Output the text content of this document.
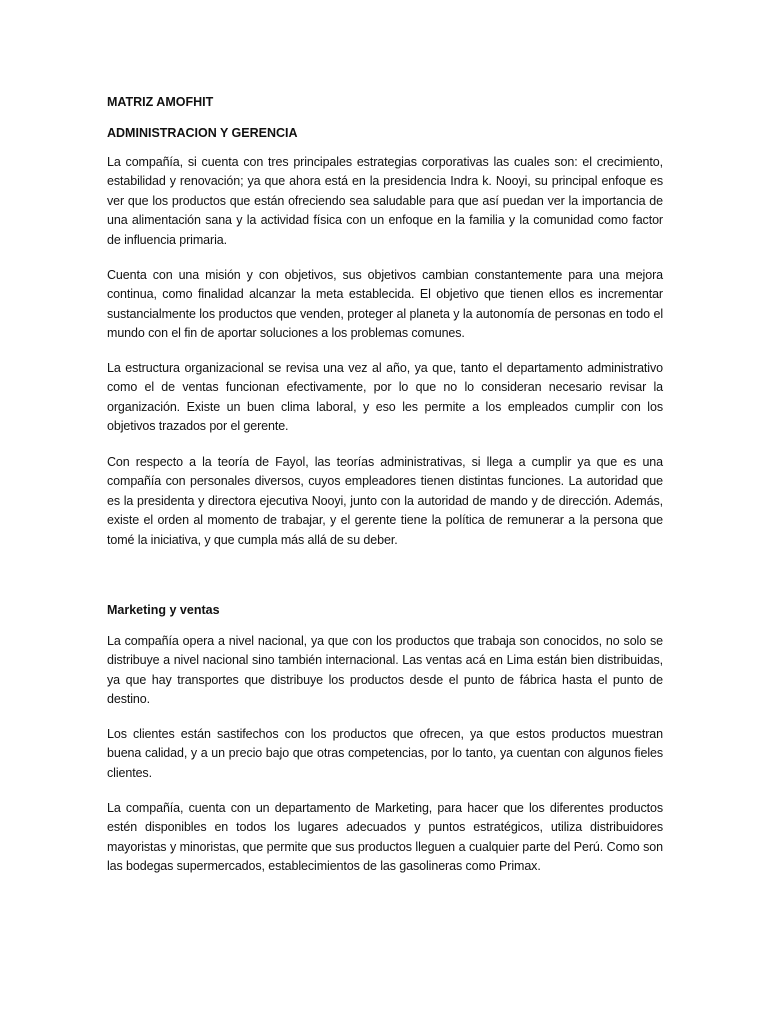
MATRIZ AMOFHIT
ADMINISTRACION Y GERENCIA

La compañía, si cuenta con tres principales estrategias corporativas las cuales son: el crecimiento, estabilidad y renovación; ya que ahora está en la presidencia Indra k. Nooyi, su principal enfoque es ver que los productos que están ofreciendo sea saludable para que así puedan ver la importancia de una alimentación sana y la actividad física con un enfoque en la familia y la comunidad como factor de influencia primaria.

Cuenta con una misión y con objetivos, sus objetivos cambian constantemente para una mejora continua, como finalidad alcanzar la meta establecida. El objetivo que tienen ellos es incrementar sustancialmente los productos que venden, proteger al planeta y la autonomía de personas en todo el mundo con el fin de aportar soluciones a los problemas comunes.

La estructura organizacional se revisa una vez al año, ya que, tanto el departamento administrativo como el de ventas funcionan efectivamente, por lo que no lo consideran necesario revisar la organización. Existe un buen clima laboral, y eso les permite a los empleados cumplir con los objetivos trazados por el gerente.

Con respecto a la teoría de Fayol, las teorías administrativas, si llega a cumplir ya que es una compañía con personales diversos, cuyos empleadores tienen distintas funciones. La autoridad que es la presidenta y directora ejecutiva Nooyi, junto con la autoridad de mando y de dirección. Además, existe el orden al momento de trabajar, y el gerente tiene la política de remunerar a la persona que tomé la iniciativa, y que cumpla más allá de su deber.

Marketing y ventas

La compañía opera a nivel nacional, ya que con los productos que trabaja son conocidos, no solo se distribuye a nivel nacional sino también internacional. Las ventas acá en Lima están bien distribuidas, ya que hay transportes que distribuye los productos desde el punto de fábrica hasta el punto de destino.

Los clientes están sastifechos con los productos que ofrecen, ya que estos productos muestran buena calidad, y a un precio bajo que otras competencias, por lo tanto, ya cuentan con algunos fieles clientes.

La compañía, cuenta con un departamento de Marketing, para hacer que los diferentes productos estén disponibles en todos los lugares adecuados y puntos estratégicos, utiliza distribuidores mayoristas y minoristas, que permite que sus productos lleguen a cualquier parte del Perú. Como son las bodegas supermercados, establecimientos de las gasolineras como Primax.
